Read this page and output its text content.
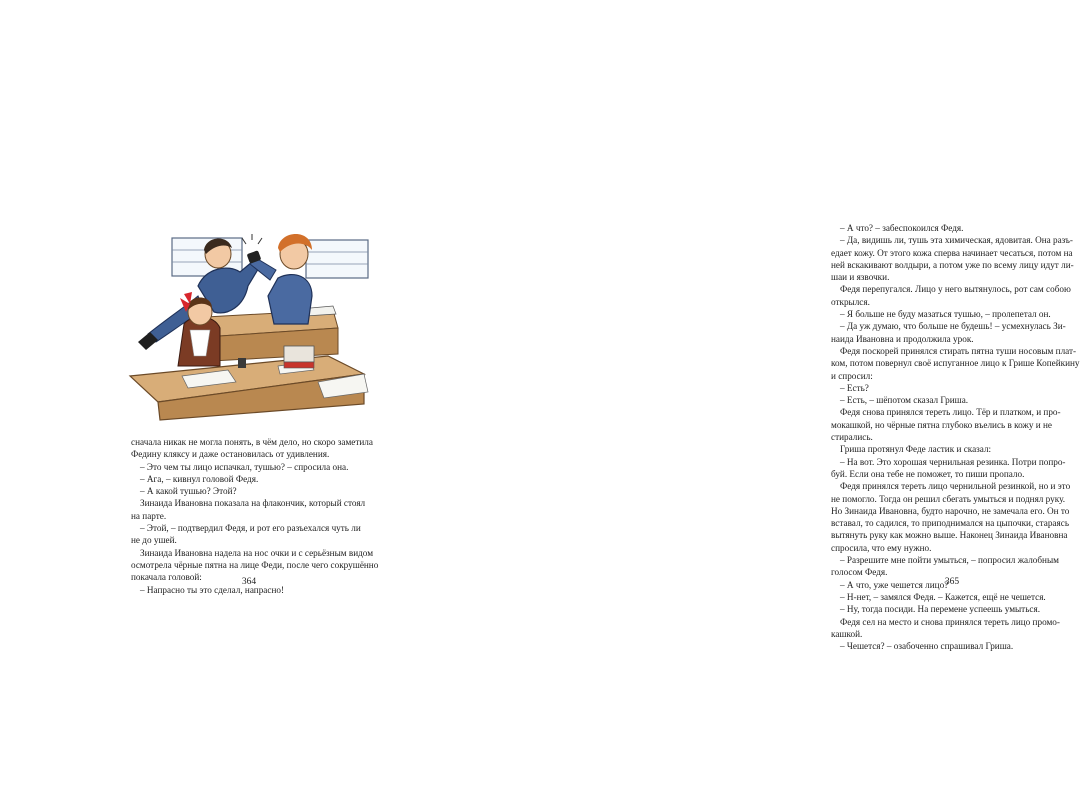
сначала никак не могла понять, в чём дело, но скоро заметила
Федину кляксу и даже остановилась от удивления.
– Это чем ты лицо испачкал, тушью? – спросила она.
– Ага, – кивнул головой Федя.
– А какой тушью? Этой?
Зинаида Ивановна показала на флакончик, который стоял
на парте.
– Этой, – подтвердил Федя, и рот его разъехался чуть ли
не до ушей.
Зинаида Ивановна надела на нос очки и с серьёзным видом
осмотрела чёрные пятна на лице Феди, после чего сокрушённо
покачала головой:
– Напрасно ты это сделал, напрасно!
364
– А что? – забеспокоился Федя.
– Да, видишь ли, тушь эта химическая, ядовитая. Она разъ-
едает кожу. От этого кожа сперва начинает чесаться, потом на
ней вскакивают волдыри, а потом уже по всему лицу идут ли-
шаи и язвочки.
Федя перепугался. Лицо у него вытянулось, рот сам собою
открылся.
– Я больше не буду мазаться тушью, – пролепетал он.
– Да уж думаю, что больше не будешь! – усмехнулась Зи-
наида Ивановна и продолжила урок.
Федя поскорей принялся стирать пятна туши носовым плат-
ком, потом повернул своё испуганное лицо к Грише Копейкину
и спросил:
– Есть?
– Есть, – шёпотом сказал Гриша.
Федя снова принялся тереть лицо. Тёр и платком, и про-
мокашкой, но чёрные пятна глубоко въелись в кожу и не
стирались.
Гриша протянул Феде ластик и сказал:
– На вот. Это хорошая чернильная резинка. Потри попро-
буй. Если она тебе не поможет, то пиши пропало.
Федя принялся тереть лицо чернильной резинкой, но и это
не помогло. Тогда он решил сбегать умыться и поднял руку.
Но Зинаида Ивановна, будто нарочно, не замечала его. Он то
вставал, то садился, то приподнимался на цыпочки, стараясь
вытянуть руку как можно выше. Наконец Зинаида Ивановна
спросила, что ему нужно.
– Разрешите мне пойти умыться, – попросил жалобным
голосом Федя.
– А что, уже чешется лицо?
– Н-нет, – замялся Федя. – Кажется, ещё не чешется.
– Ну, тогда посиди. На перемене успеешь умыться.
Федя сел на место и снова принялся тереть лицо промо-
кашкой.
– Чешется? – озабоченно спрашивал Гриша.
365
